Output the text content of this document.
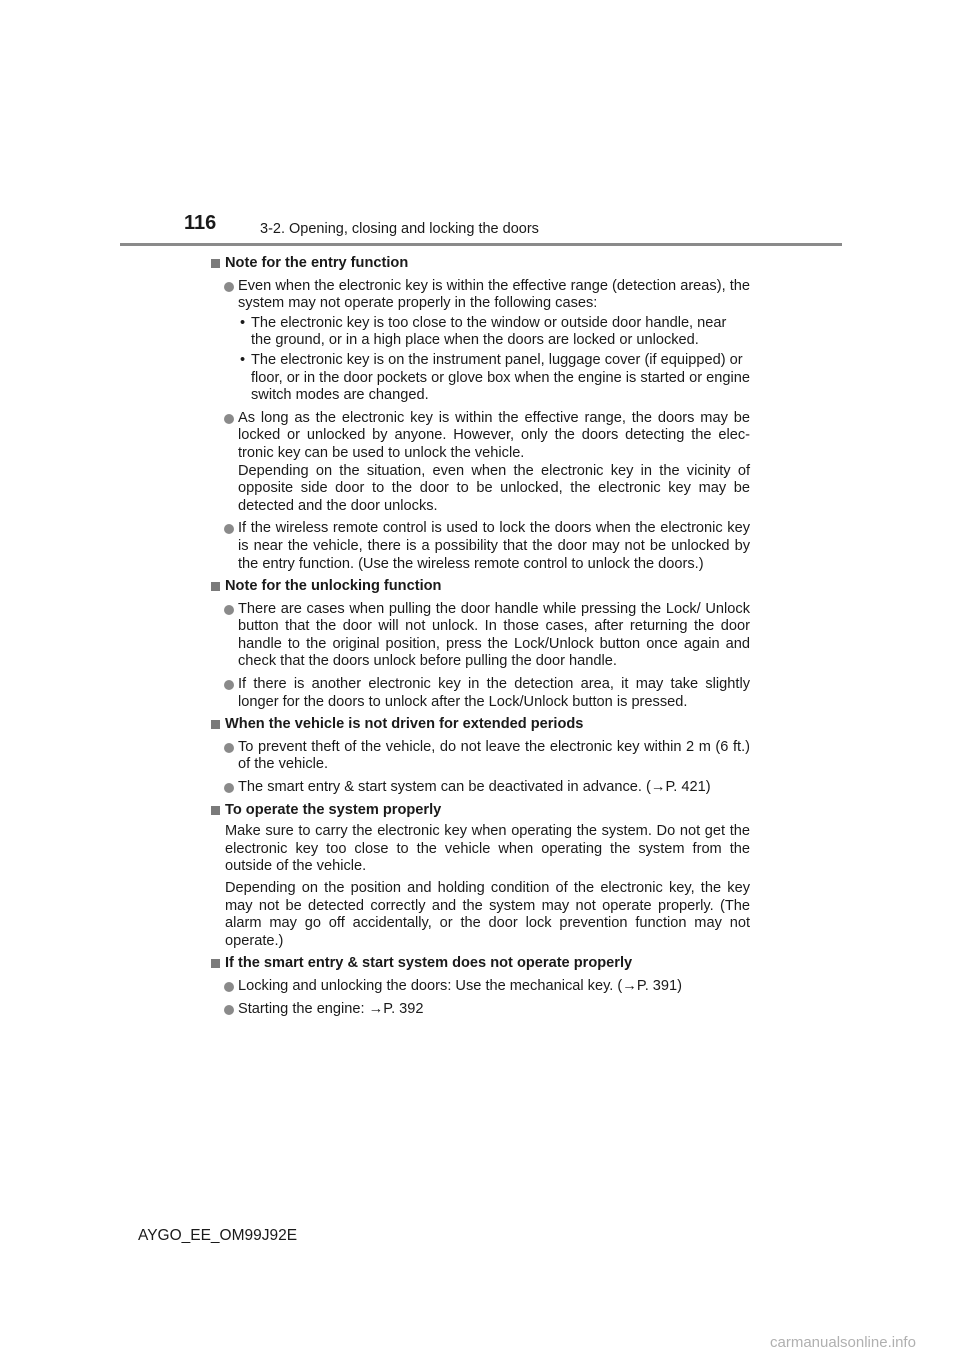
116	3-2. Opening, closing and locking the doors
Note for the entry function
Even when the electronic key is within the effective range (detection areas), the system may not operate properly in the following cases:
• The electronic key is too close to the window or outside door handle, near the ground, or in a high place when the doors are locked or unlocked.
• The electronic key is on the instrument panel, luggage cover (if equipped) or floor, or in the door pockets or glove box when the engine is started or engine switch modes are changed.
As long as the electronic key is within the effective range, the doors may be locked or unlocked by anyone. However, only the doors detecting the elec-tronic key can be used to unlock the vehicle.
Depending on the situation, even when the electronic key in the vicinity of opposite side door to the door to be unlocked, the electronic key may be detected and the door unlocks.
If the wireless remote control is used to lock the doors when the electronic key is near the vehicle, there is a possibility that the door may not be unlocked by the entry function. (Use the wireless remote control to unlock the doors.)
Note for the unlocking function
There are cases when pulling the door handle while pressing the Lock/ Unlock button that the door will not unlock. In those cases, after returning the door handle to the original position, press the Lock/Unlock button once again and check that the doors unlock before pulling the door handle.
If there is another electronic key in the detection area, it may take slightly longer for the doors to unlock after the Lock/Unlock button is pressed.
When the vehicle is not driven for extended periods
To prevent theft of the vehicle, do not leave the electronic key within 2 m (6 ft.) of the vehicle.
The smart entry & start system can be deactivated in advance. (→P. 421)
To operate the system properly
Make sure to carry the electronic key when operating the system. Do not get the electronic key too close to the vehicle when operating the system from the outside of the vehicle.
Depending on the position and holding condition of the electronic key, the key may not be detected correctly and the system may not operate properly. (The alarm may go off accidentally, or the door lock prevention function may not operate.)
If the smart entry & start system does not operate properly
Locking and unlocking the doors: Use the mechanical key. (→P. 391)
Starting the engine: →P. 392
AYGO_EE_OM99J92E
carmanualsonline.info
